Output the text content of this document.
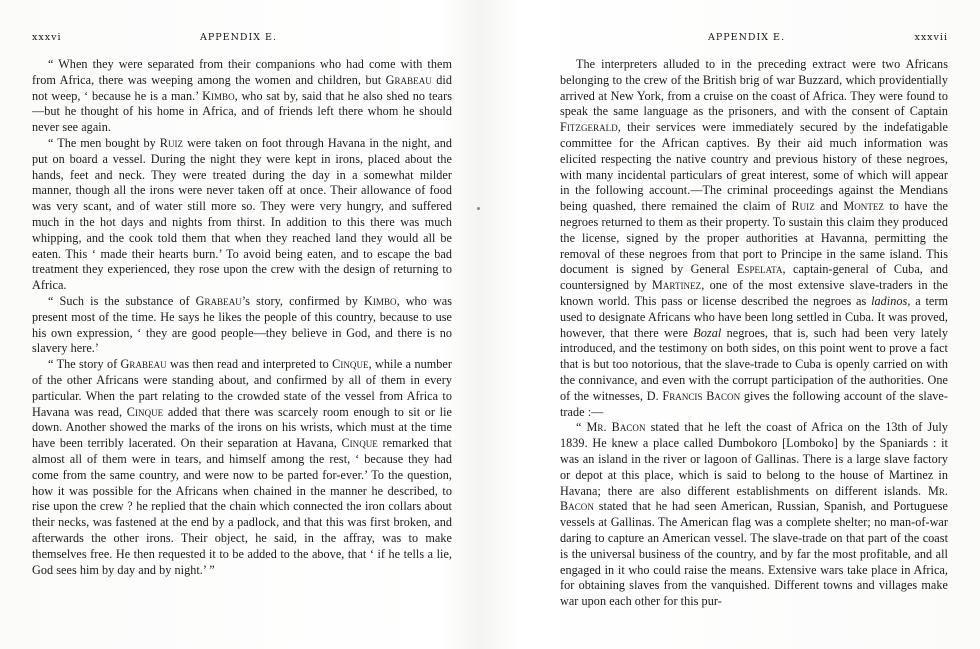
xxxvi	APPENDIX E.

“ When they were separated from their companions who had come with them from Africa, there was weeping among the women and children, but Grabeau did not weep, ‘ because he is a man.’ Kimbo, who sat by, said that he also shed no tears—but he thought of his home in Africa, and of friends left there whom he should never see again.

“ The men bought by Ruiz were taken on foot through Havana in the night, and put on board a vessel. During the night they were kept in irons, placed about the hands, feet and neck. They were treated during the day in a somewhat milder manner, though all the irons were never taken off at once. Their allowance of food was very scant, and of water still more so. They were very hungry, and suffered much in the hot days and nights from thirst. In addition to this there was much whipping, and the cook told them that when they reached land they would all be eaten. This ‘ made their hearts burn.’ To avoid being eaten, and to escape the bad treatment they experienced, they rose upon the crew with the design of returning to Africa.

“ Such is the substance of Grabeau’s story, confirmed by Kimbo, who was present most of the time. He says he likes the people of this country, because to use his own expression, ‘ they are good people—they believe in God, and there is no slavery here.’

“ The story of Grabeau was then read and interpreted to Cinque, while a number of the other Africans were standing about, and confirmed by all of them in every particular. When the part relating to the crowded state of the vessel from Africa to Havana was read, Cinque added that there was scarcely room enough to sit or lie down. Another showed the marks of the irons on his wrists, which must at the time have been terribly lacerated. On their separation at Havana, Cinque remarked that almost all of them were in tears, and himself among the rest, ‘ because they had come from the same country, and were now to be parted for-ever.’ To the question, how it was possible for the Africans when chained in the manner he described, to rise upon the crew ? he replied that the chain which connected the iron collars about their necks, was fastened at the end by a padlock, and that this was first broken, and afterwards the other irons. Their object, he said, in the affray, was to make themselves free. He then requested it to be added to the above, that ‘ if he tells a lie, God sees him by day and by night.’ ”

APPENDIX E.	xxxvii

The interpreters alluded to in the preceding extract were two Africans belonging to the crew of the British brig of war Buzzard, which providentially arrived at New York, from a cruise on the coast of Africa. They were found to speak the same language as the prisoners, and with the consent of Captain Fitzgerald, their services were immediately secured by the indefatigable committee for the African captives. By their aid much information was elicited respecting the native country and previous history of these negroes, with many incidental particulars of great interest, some of which will appear in the following account.—The criminal proceedings against the Mendians being quashed, there remained the claim of Ruiz and Montez to have the negroes returned to them as their property. To sustain this claim they produced the license, signed by the proper authorities at Havanna, permitting the removal of these negroes from that port to Principe in the same island. This document is signed by General Espelata, captain-general of Cuba, and countersigned by Martinez, one of the most extensive slave-traders in the known world. This pass or license described the negroes as ladinos, a term used to designate Africans who have been long settled in Cuba. It was proved, however, that there were Bozal negroes, that is, such had been very lately introduced, and the testimony on both sides, on this point went to prove a fact that is but too notorious, that the slave-trade to Cuba is openly carried on with the connivance, and even with the corrupt participation of the authorities. One of the witnesses, D. Francis Bacon gives the following account of the slave-trade :—

“ Mr. Bacon stated that he left the coast of Africa on the 13th of July 1839. He knew a place called Dumbokoro [Lomboko] by the Spaniards : it was an island in the river or lagoon of Gallinas. There is a large slave factory or depot at this place, which is said to belong to the house of Martinez in Havana; there are also different establishments on different islands. Mr. Bacon stated that he had seen American, Russian, Spanish, and Portuguese vessels at Gallinas. The American flag was a complete shelter; no man-of-war daring to capture an American vessel. The slave-trade on that part of the coast is the universal business of the country, and by far the most profitable, and all engaged in it who could raise the means. Extensive wars take place in Africa, for obtaining slaves from the vanquished. Different towns and villages make war upon each other for this pur-
